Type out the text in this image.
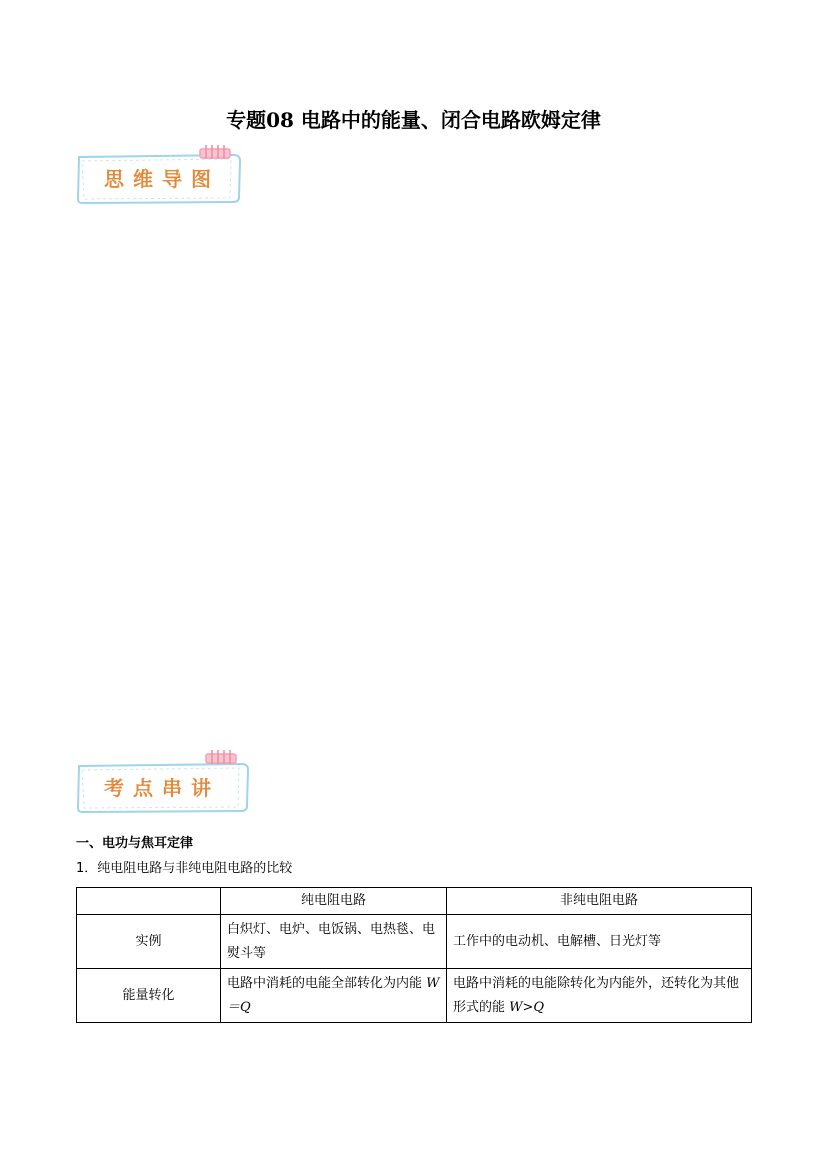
专题08 电路中的能量、闭合电路欧姆定律
思维导图
考点串讲
一、电功与焦耳定律
1．纯电阻电路与非纯电阻电路的比较
	纯电阻电路	非纯电阻电路
实例	白炽灯、电炉、电饭锅、电热毯、电熨斗等	工作中的电动机、电解槽、日光灯等
能量转化	电路中消耗的电能全部转化为内能 W＝Q	电路中消耗的电能除转化为内能外，还转化为其他形式的能 W>Q
